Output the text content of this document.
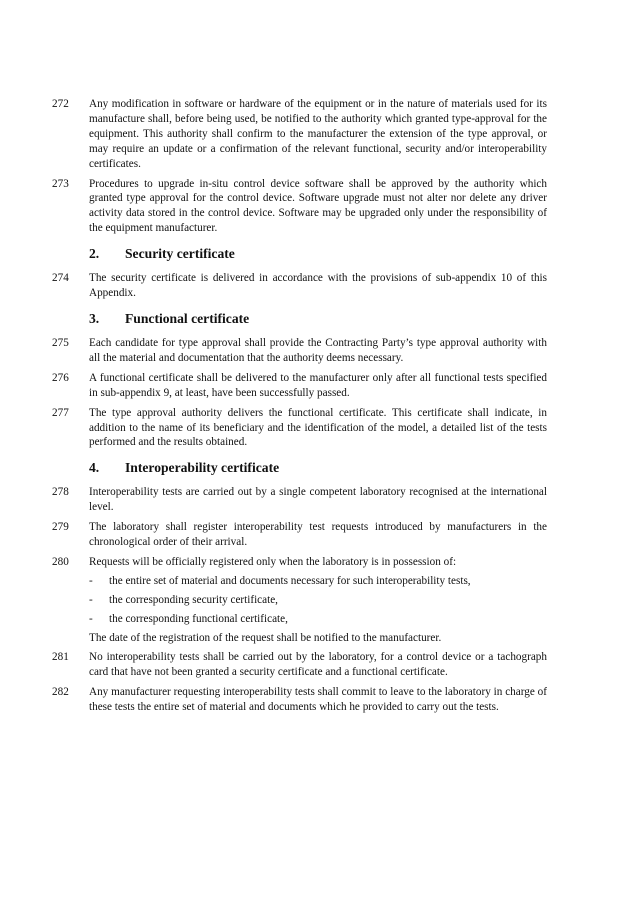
272 Any modification in software or hardware of the equipment or in the nature of materials used for its manufacture shall, before being used, be notified to the authority which granted type-approval for the equipment. This authority shall confirm to the manufacturer the extension of the type approval, or may require an update or a confirmation of the relevant functional, security and/or interoperability certificates.
273 Procedures to upgrade in-situ control device software shall be approved by the authority which granted type approval for the control device. Software upgrade must not alter nor delete any driver activity data stored in the control device. Software may be upgraded only under the responsibility of the equipment manufacturer.
2. Security certificate
274 The security certificate is delivered in accordance with the provisions of sub-appendix 10 of this Appendix.
3. Functional certificate
275 Each candidate for type approval shall provide the Contracting Party’s type approval authority with all the material and documentation that the authority deems necessary.
276 A functional certificate shall be delivered to the manufacturer only after all functional tests specified in sub-appendix 9, at least, have been successfully passed.
277 The type approval authority delivers the functional certificate. This certificate shall indicate, in addition to the name of its beneficiary and the identification of the model, a detailed list of the tests performed and the results obtained.
4. Interoperability certificate
278 Interoperability tests are carried out by a single competent laboratory recognised at the international level.
279 The laboratory shall register interoperability test requests introduced by manufacturers in the chronological order of their arrival.
280 Requests will be officially registered only when the laboratory is in possession of:
- the entire set of material and documents necessary for such interoperability tests,
- the corresponding security certificate,
- the corresponding functional certificate,
The date of the registration of the request shall be notified to the manufacturer.
281 No interoperability tests shall be carried out by the laboratory, for a control device or a tachograph card that have not been granted a security certificate and a functional certificate.
282 Any manufacturer requesting interoperability tests shall commit to leave to the laboratory in charge of these tests the entire set of material and documents which he provided to carry out the tests.
